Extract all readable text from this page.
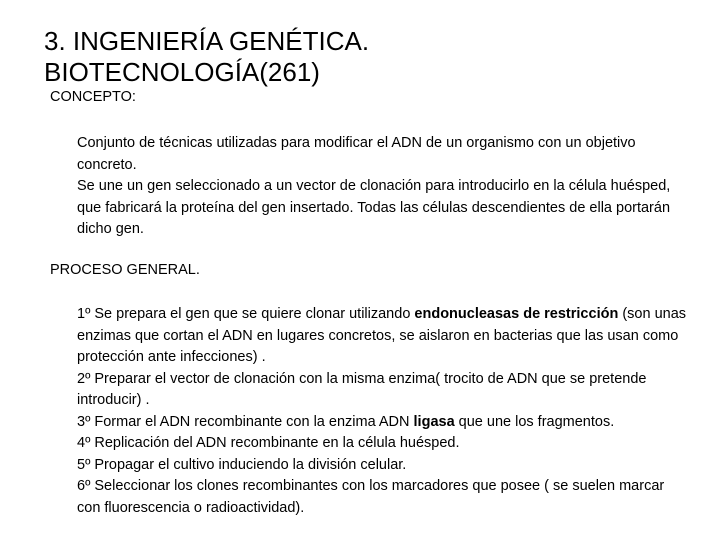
3. INGENIERÍA GENÉTICA.
BIOTECNOLOGÍA(261)

CONCEPTO:

Conjunto de técnicas utilizadas para modificar el ADN de un organismo con un objetivo concreto.

Se une un gen seleccionado a un vector de clonación para introducirlo en la célula huésped, que fabricará la proteína del gen insertado. Todas las células descendientes de ella portarán dicho gen.

PROCESO GENERAL.

1º Se prepara el gen que se quiere clonar utilizando endonucleasas de restricción (son unas enzimas que cortan el ADN en lugares concretos, se aislaron en bacterias que las usan como protección ante infecciones) .

2º Preparar el vector de clonación con la misma enzima( trocito de ADN que se pretende introducir) .

3º Formar el ADN recombinante con la enzima ADN ligasa que une los fragmentos.

4º Replicación del ADN recombinante en la célula huésped.

5º Propagar el cultivo induciendo la división celular.

6º Seleccionar los clones recombinantes con los marcadores que posee ( se suelen marcar con fluorescencia o radioactividad).
